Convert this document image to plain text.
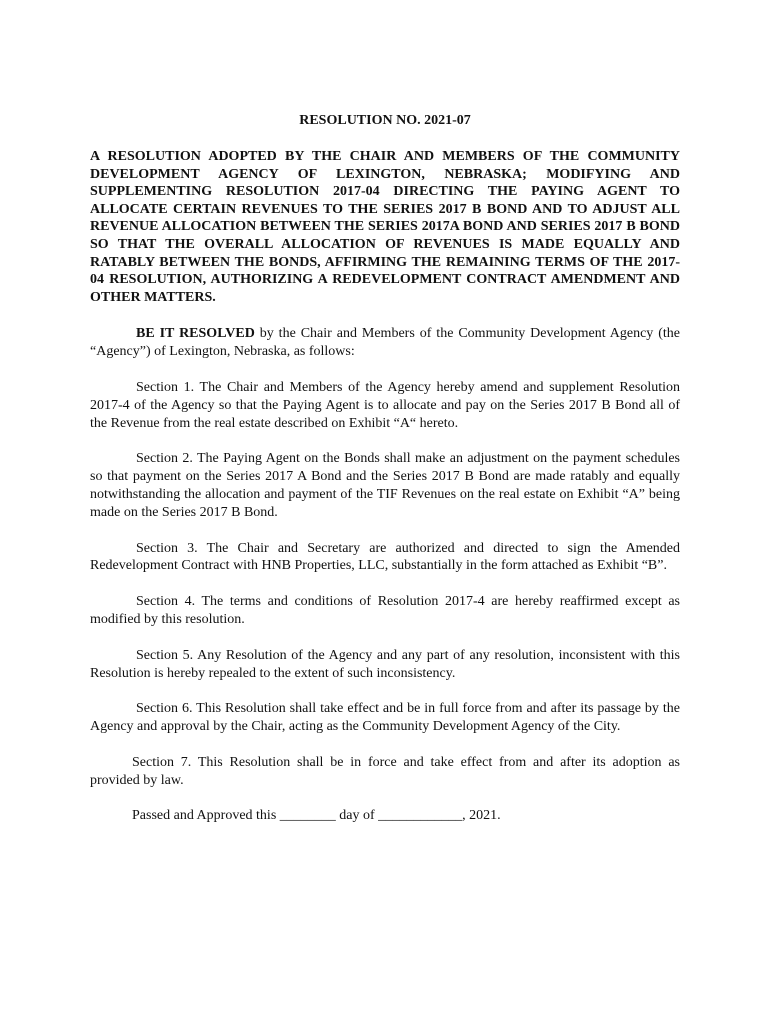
RESOLUTION NO. 2021-07
A RESOLUTION ADOPTED BY THE CHAIR AND MEMBERS OF THE COMMUNITY DEVELOPMENT AGENCY OF LEXINGTON, NEBRASKA; MODIFYING AND SUPPLEMENTING RESOLUTION 2017-04 DIRECTING THE PAYING AGENT TO ALLOCATE CERTAIN REVENUES TO THE SERIES 2017 B BOND AND TO ADJUST ALL REVENUE ALLOCATION BETWEEN THE SERIES 2017A BOND AND SERIES 2017 B BOND SO THAT THE OVERALL ALLOCATION OF REVENUES IS MADE EQUALLY AND RATABLY BETWEEN THE BONDS, AFFIRMING THE REMAINING TERMS OF THE 2017-04 RESOLUTION, AUTHORIZING A REDEVELOPMENT CONTRACT AMENDMENT AND OTHER MATTERS.

BE IT RESOLVED by the Chair and Members of the Community Development Agency (the “Agency”) of Lexington, Nebraska, as follows:

Section 1. The Chair and Members of the Agency hereby amend and supplement Resolution 2017-4 of the Agency so that the Paying Agent is to allocate and pay on the Series 2017 B Bond all of the Revenue from the real estate described on Exhibit “A“ hereto.

Section 2. The Paying Agent on the Bonds shall make an adjustment on the payment schedules so that payment on the Series 2017 A Bond and the Series 2017 B Bond are made ratably and equally notwithstanding the allocation and payment of the TIF Revenues on the real estate on Exhibit “A” being made on the Series 2017 B Bond.

Section 3. The Chair and Secretary are authorized and directed to sign the Amended Redevelopment Contract with HNB Properties, LLC, substantially in the form attached as Exhibit “B”.

Section 4. The terms and conditions of Resolution 2017-4 are hereby reaffirmed except as modified by this resolution.

Section 5. Any Resolution of the Agency and any part of any resolution, inconsistent with this Resolution is hereby repealed to the extent of such inconsistency.

Section 6. This Resolution shall take effect and be in full force from and after its passage by the Agency and approval by the Chair, acting as the Community Development Agency of the City.

Section 7. This Resolution shall be in force and take effect from and after its adoption as provided by law.

Passed and Approved this ________ day of ____________, 2021.
